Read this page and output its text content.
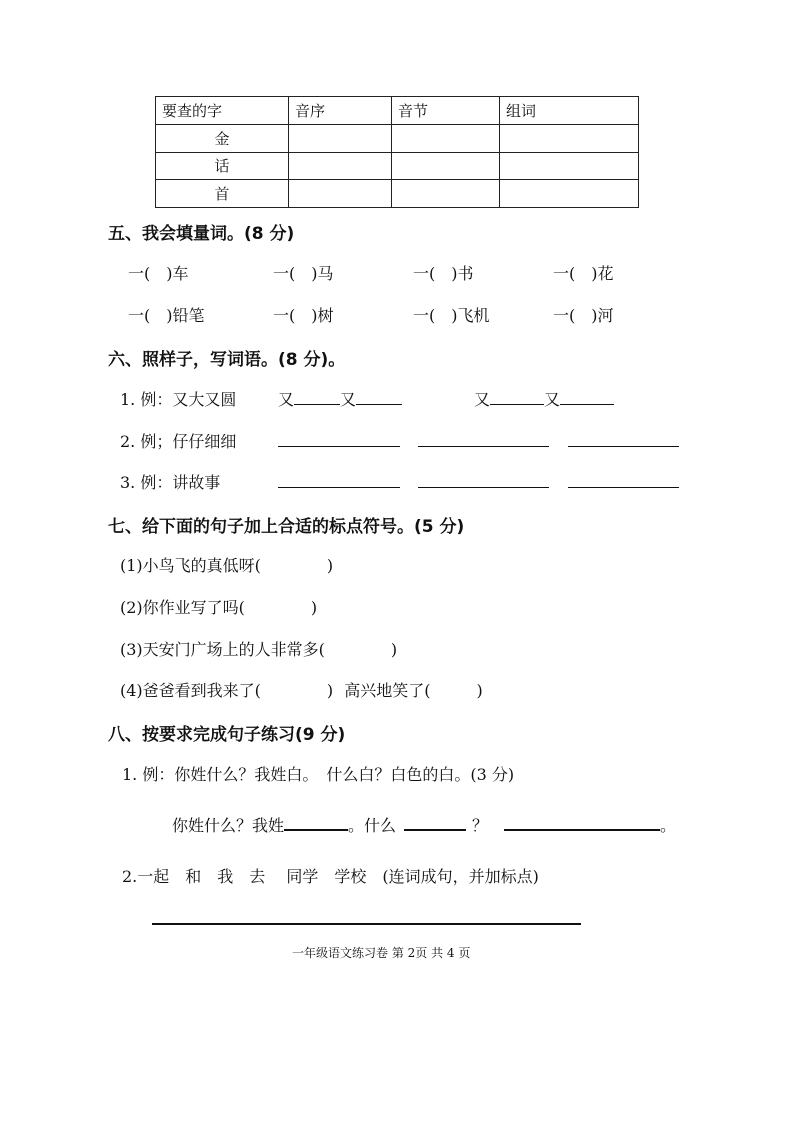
要查的字	音序	音节	组词
金			
话			
首			
五、我会填量词。(8 分)
一(　)车	一(　)马	一(　)书	一(　)花
一(　)铅笔	一(　)树	一(　)飞机	一(　)河
六、照样子，写词语。(8 分)。
1. 例：又大又圆	又	又	又	又
2. 例；仔仔细细
3. 例：讲故事
七、给下面的句子加上合适的标点符号。(5 分)
(1)小鸟飞的真低呀(	)
(2)你作业写了吗(	)
(3)天安门广场上的人非常多(	)
(4)爸爸看到我来了(	) 高兴地笑了(	)
八、按要求完成句子练习(9 分)
1. 例：你姓什么？我姓白。　什么白？白色的白。(3 分)
你姓什么？我姓	。什么	？	。
2.一起　和　我　去　 同学　学校　(连词成句，并加标点)
一年级语文练习卷 第 2页 共 4 页
